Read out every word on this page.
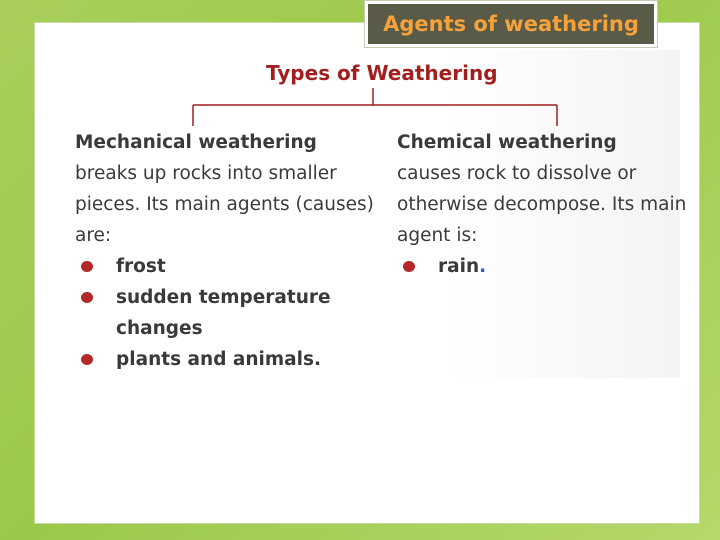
Agents of weathering
Types of Weathering
Mechanical weathering

breaks up rocks into smaller pieces. Its main agents (causes) are:

frost
sudden temperature changes
plants and animals.
Chemical weathering

causes rock to dissolve or otherwise decompose. Its main agent is:

rain.
